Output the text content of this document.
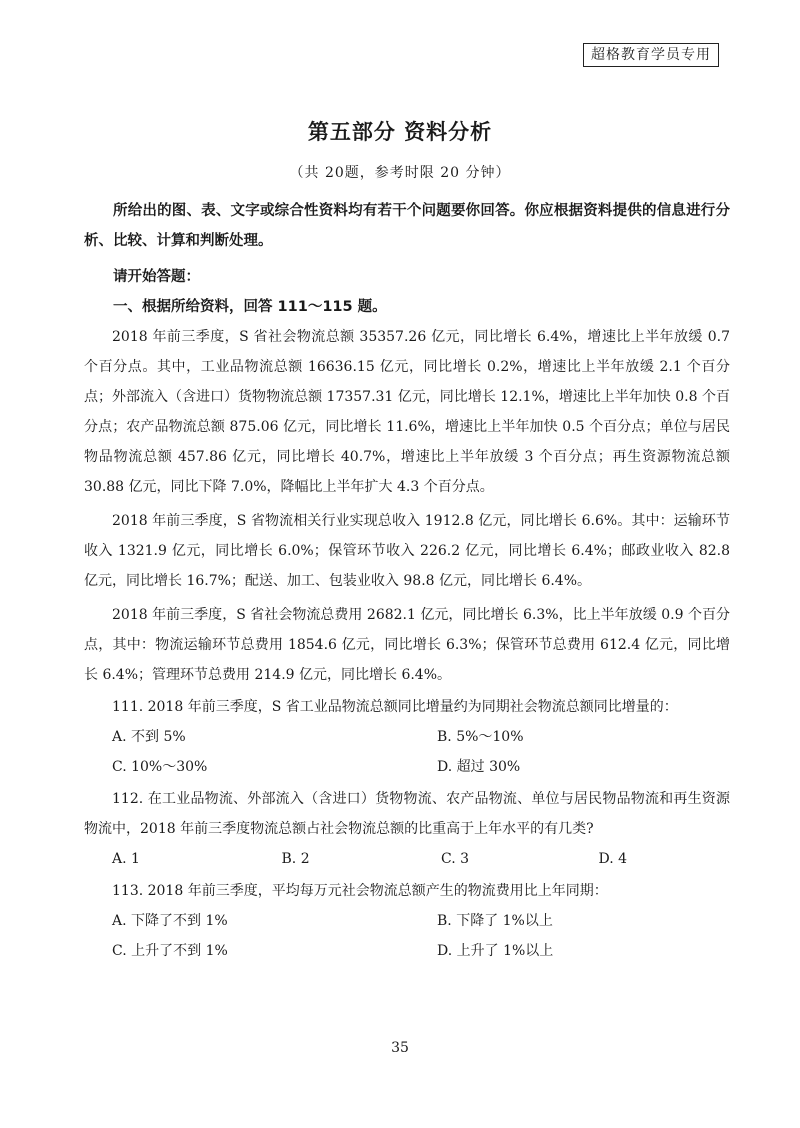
超格教育学员专用
第五部分 资料分析
（共 20题，参考时限 20 分钟）

所给出的图、表、文字或综合性资料均有若干个问题要你回答。你应根据资料提供的信息进行分析、比较、计算和判断处理。

请开始答题：

一、根据所给资料，回答 111～115 题。

2018 年前三季度，S 省社会物流总额 35357.26 亿元，同比增长 6.4%，增速比上半年放缓 0.7 个百分点。其中，工业品物流总额 16636.15 亿元，同比增长 0.2%，增速比上半年放缓 2.1 个百分点；外部流入（含进口）货物物流总额 17357.31 亿元，同比增长 12.1%，增速比上半年加快 0.8 个百分点；农产品物流总额 875.06 亿元，同比增长 11.6%，增速比上半年加快 0.5 个百分点；单位与居民物品物流总额 457.86 亿元，同比增长 40.7%，增速比上半年放缓 3 个百分点；再生资源物流总额 30.88 亿元，同比下降 7.0%，降幅比上半年扩大 4.3 个百分点。

2018 年前三季度，S 省物流相关行业实现总收入 1912.8 亿元，同比增长 6.6%。其中：运输环节收入 1321.9 亿元，同比增长 6.0%；保管环节收入 226.2 亿元，同比增长 6.4%；邮政业收入 82.8 亿元，同比增长 16.7%；配送、加工、包装业收入 98.8 亿元，同比增长 6.4%。

2018 年前三季度，S 省社会物流总费用 2682.1 亿元，同比增长 6.3%，比上半年放缓 0.9 个百分点，其中：物流运输环节总费用 1854.6 亿元，同比增长 6.3%；保管环节总费用 612.4 亿元，同比增长 6.4%；管理环节总费用 214.9 亿元，同比增长 6.4%。

111. 2018 年前三季度，S 省工业品物流总额同比增量约为同期社会物流总额同比增量的：

A. 不到 5%	B. 5%～10%
C. 10%～30%	D. 超过 30%

112. 在工业品物流、外部流入（含进口）货物物流、农产品物流、单位与居民物品物流和再生资源物流中，2018 年前三季度物流总额占社会物流总额的比重高于上年水平的有几类?

A. 1	B. 2	C. 3	D. 4

113. 2018 年前三季度，平均每万元社会物流总额产生的物流费用比上年同期：

A. 下降了不到 1%	B. 下降了 1%以上
C. 上升了不到 1%	D. 上升了 1%以上
35
